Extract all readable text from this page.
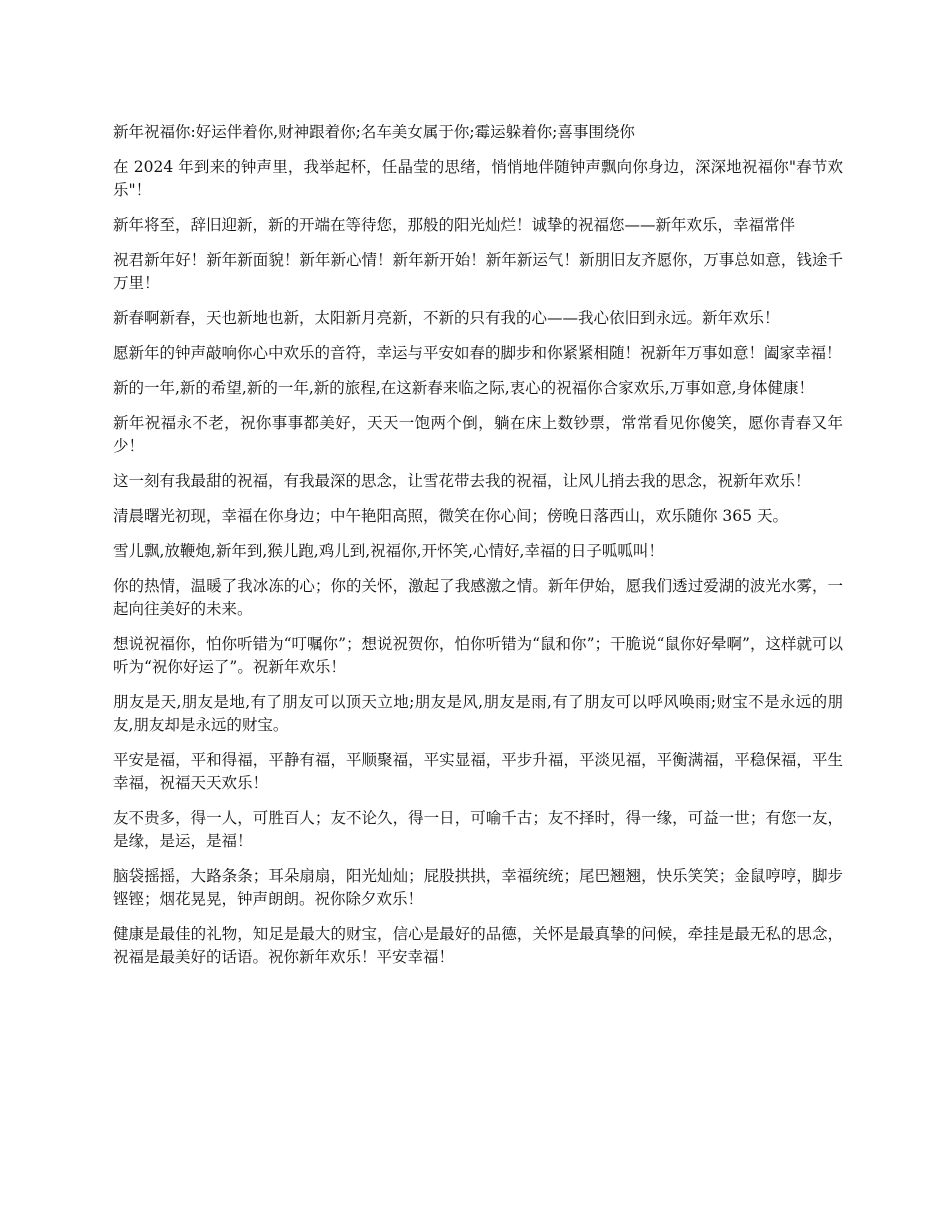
新年祝福你:好运伴着你,财神跟着你;名车美女属于你;霉运躲着你;喜事围绕你

在 2024 年到来的钟声里，我举起杯，任晶莹的思绪，悄悄地伴随钟声飘向你身边，深深地祝福你"春节欢乐"！

新年将至，辞旧迎新，新的开端在等待您，那般的阳光灿烂！诚挚的祝福您——新年欢乐，幸福常伴

祝君新年好！新年新面貌！新年新心情！新年新开始！新年新运气！新朋旧友齐愿你，万事总如意，钱途千万里！

新春啊新春，天也新地也新，太阳新月亮新，不新的只有我的心——我心依旧到永远。新年欢乐！

愿新年的钟声敲响你心中欢乐的音符，幸运与平安如春的脚步和你紧紧相随！祝新年万事如意！阖家幸福！

新的一年,新的希望,新的一年,新的旅程,在这新春来临之际,衷心的祝福你合家欢乐,万事如意,身体健康！

新年祝福永不老，祝你事事都美好，天天一饱两个倒，躺在床上数钞票，常常看见你傻笑，愿你青春又年少！

这一刻有我最甜的祝福，有我最深的思念，让雪花带去我的祝福，让风儿捎去我的思念，祝新年欢乐！

清晨曙光初现，幸福在你身边；中午艳阳高照，微笑在你心间；傍晚日落西山，欢乐随你 365 天。

雪儿飘,放鞭炮,新年到,猴儿跑,鸡儿到,祝福你,开怀笑,心情好,幸福的日子呱呱叫！

你的热情，温暖了我冰冻的心；你的关怀，激起了我感激之情。新年伊始，愿我们透过爱湖的波光水雾，一起向往美好的未来。

想说祝福你，怕你听错为“叮嘱你”；想说祝贺你，怕你听错为“鼠和你”；干脆说“鼠你好晕啊”，这样就可以听为“祝你好运了”。祝新年欢乐！

朋友是天,朋友是地,有了朋友可以顶天立地;朋友是风,朋友是雨,有了朋友可以呼风唤雨;财宝不是永远的朋友,朋友却是永远的财宝。

平安是福，平和得福，平静有福，平顺聚福，平实显福，平步升福，平淡见福，平衡满福，平稳保福，平生幸福，祝福天天欢乐！

友不贵多，得一人，可胜百人；友不论久，得一日，可喻千古；友不择时，得一缘，可益一世；有您一友，是缘，是运，是福！

脑袋摇摇，大路条条；耳朵扇扇，阳光灿灿；屁股拱拱，幸福统统；尾巴翘翘，快乐笑笑；金鼠哼哼，脚步铿铿；烟花晃晃，钟声朗朗。祝你除夕欢乐！

健康是最佳的礼物，知足是最大的财宝，信心是最好的品德，关怀是最真挚的问候，牵挂是最无私的思念，祝福是最美好的话语。祝你新年欢乐！平安幸福！
